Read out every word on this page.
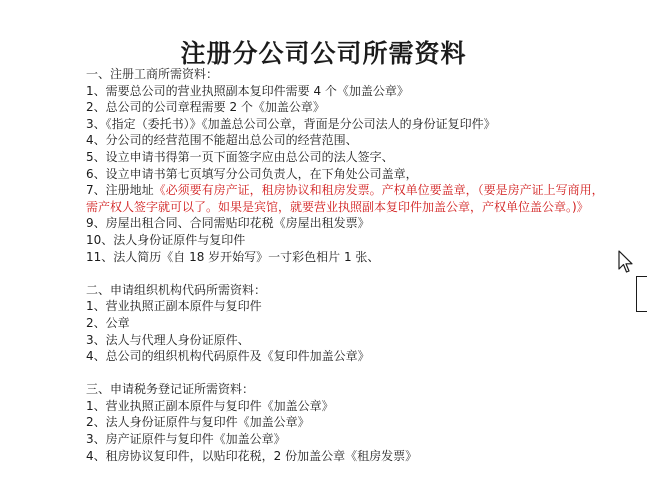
注册分公司公司所需资料
一、注册工商所需资料：
1、需要总公司的营业执照副本复印件需要 4 个《加盖公章》
2、总公司的公司章程需要 2 个《加盖公章》
3、《指定（委托书）》《加盖总公司公章，背面是分公司法人的身份证复印件》
4、分公司的经营范围不能超出总公司的经营范围、
5、设立申请书得第一页下面签字应由总公司的法人签字、
6、设立申请书第七页填写分公司负责人，在下角处公司盖章，
7、注册地址《必须要有房产证，租房协议和租房发票。产权单位要盖章，（要是房产证上写商用，
需产权人签字就可以了。如果是宾馆，就要营业执照副本复印件加盖公章，产权单位盖公章。)》
9、房屋出租合同、合同需贴印花税《房屋出租发票》
10、法人身份证原件与复印件
11、法人简历《自 18 岁开始写》一寸彩色相片 1 张、
二、申请组织机构代码所需资料：
1、营业执照正副本原件与复印件
2、公章
3、法人与代理人身份证原件、
4、总公司的组织机构代码原件及《复印件加盖公章》
三、申请税务登记证所需资料：
1、营业执照正副本原件与复印件《加盖公章》
2、法人身份证原件与复印件《加盖公章》
3、房产证原件与复印件《加盖公章》
4、租房协议复印件，以贴印花税，2 份加盖公章《租房发票》
